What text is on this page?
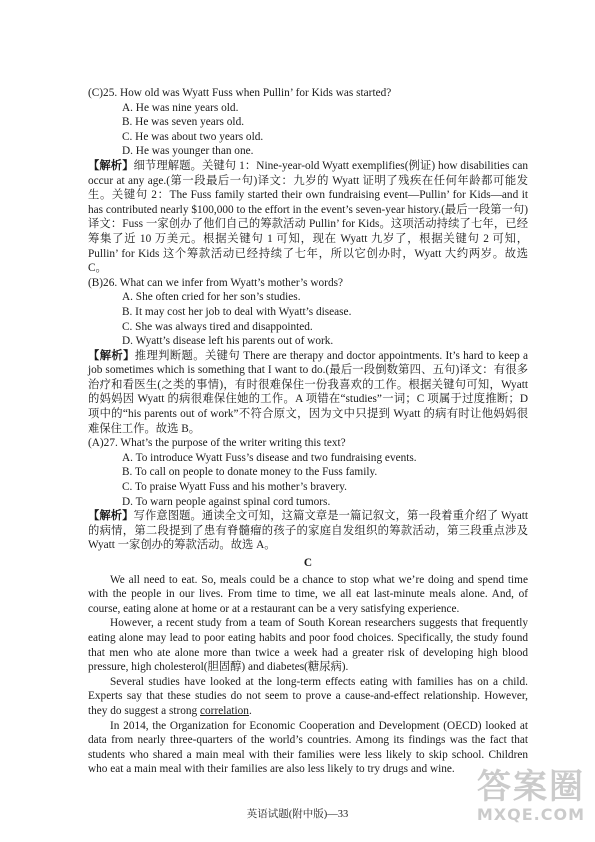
(C)25. How old was Wyatt Fuss when Pullin’ for Kids was started?
A. He was nine years old.
B. He was seven years old.
C. He was about two years old.
D. He was younger than one.
【解析】细节理解题。关键句 1：Nine-year-old Wyatt exemplifies(例证) how disabilities can occur at any age.(第一段最后一句)译文：九岁的 Wyatt 证明了残疾在任何年龄都可能发生。关键句 2：The Fuss family started their own fundraising event—Pullin’ for Kids—and it has contributed nearly $100,000 to the effort in the event’s seven-year history.(最后一段第一句)译文：Fuss 一家创办了他们自己的筹款活动 Pullin’ for Kids。这项活动持续了七年，已经筹集了近 10 万美元。根据关键句 1 可知，现在 Wyatt 九岁了，根据关键句 2 可知，Pullin’ for Kids 这个筹款活动已经持续了七年，所以它创办时，Wyatt 大约两岁。故选 C。
(B)26. What can we infer from Wyatt’s mother’s words?
A. She often cried for her son’s studies.
B. It may cost her job to deal with Wyatt’s disease.
C. She was always tired and disappointed.
D. Wyatt’s disease left his parents out of work.
【解析】推理判断题。关键句 There are therapy and doctor appointments. It’s hard to keep a job sometimes which is something that I want to do.(最后一段倒数第四、五句)译文：有很多治疗和看医生(之类的事情)，有时很难保住一份我喜欢的工作。根据关键句可知，Wyatt 的妈妈因 Wyatt 的病很难保住她的工作。A 项错在“studies”一词；C 项属于过度推断；D 项中的“his parents out of work”不符合原文，因为文中只提到 Wyatt 的病有时让他妈妈很难保住工作。故选 B。
(A)27. What’s the purpose of the writer writing this text?
A. To introduce Wyatt Fuss’s disease and two fundraising events.
B. To call on people to donate money to the Fuss family.
C. To praise Wyatt Fuss and his mother’s bravery.
D. To warn people against spinal cord tumors.
【解析】写作意图题。通读全文可知，这篇文章是一篇记叙文，第一段着重介绍了 Wyatt 的病情，第二段提到了患有脊髓瘤的孩子的家庭自发组织的筹款活动，第三段重点涉及 Wyatt 一家创办的筹款活动。故选 A。
C
We all need to eat. So, meals could be a chance to stop what we’re doing and spend time with the people in our lives. From time to time, we all eat last-minute meals alone. And, of course, eating alone at home or at a restaurant can be a very satisfying experience.
However, a recent study from a team of South Korean researchers suggests that frequently eating alone may lead to poor eating habits and poor food choices. Specifically, the study found that men who ate alone more than twice a week had a greater risk of developing high blood pressure, high cholesterol(胆固醇) and diabetes(糖尿病).
Several studies have looked at the long-term effects eating with families has on a child. Experts say that these studies do not seem to prove a cause-and-effect relationship. However, they do suggest a strong correlation.
In 2014, the Organization for Economic Cooperation and Development (OECD) looked at data from nearly three-quarters of the world’s countries. Among its findings was the fact that students who shared a main meal with their families were less likely to skip school. Children who eat a main meal with their families are also less likely to try drugs and wine.
英语试题(附中版)—33
答案圈
MXQE.COM
